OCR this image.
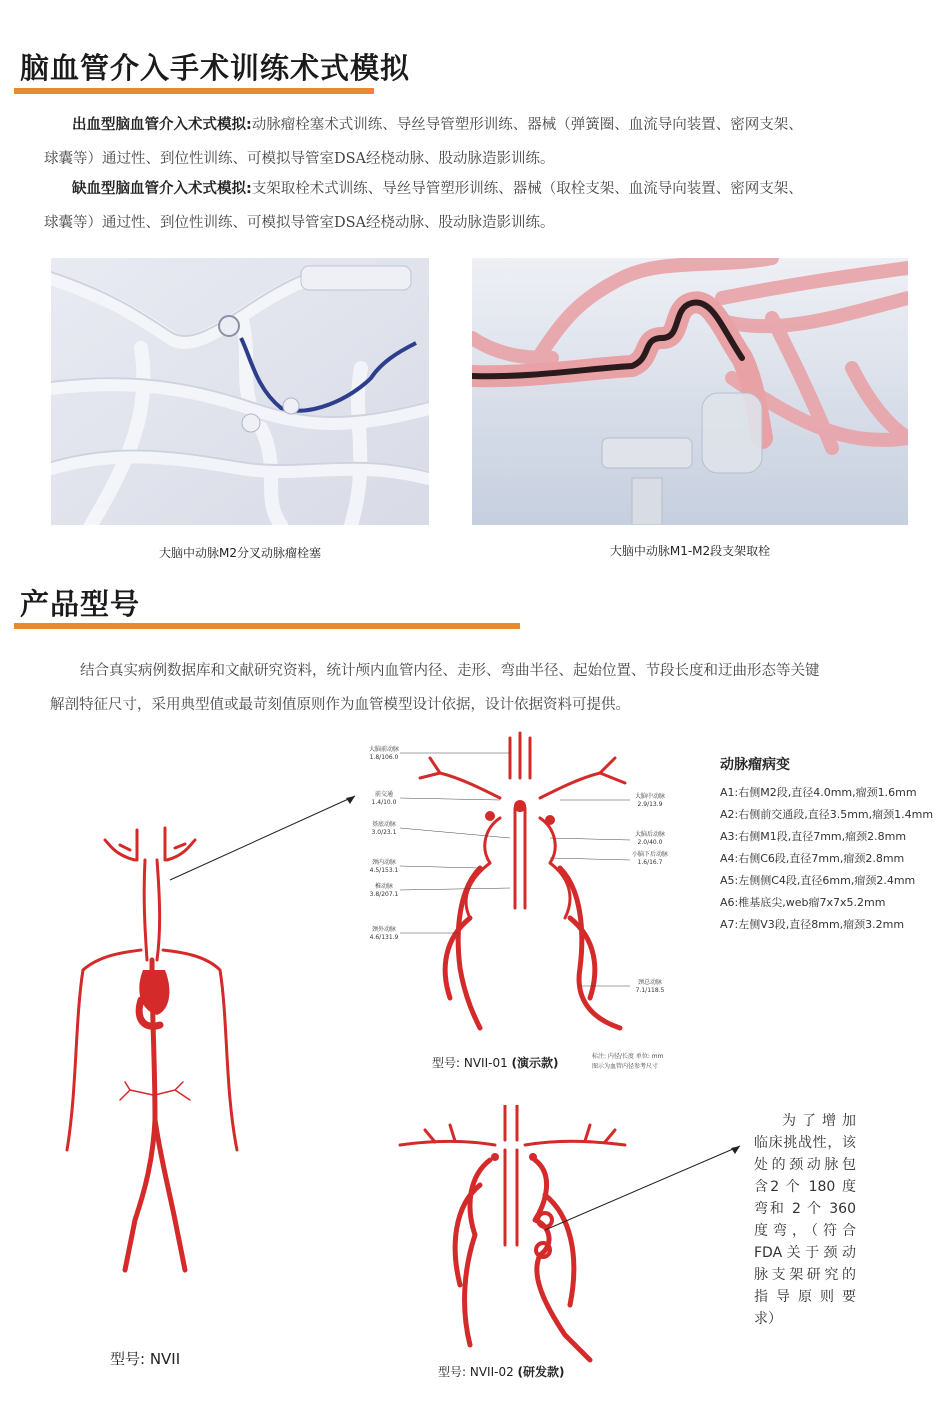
脑血管介入手术训练术式模拟
出血型脑血管介入术式模拟:动脉瘤栓塞术式训练、导丝导管塑形训练、器械（弹簧圈、血流导向装置、密网支架、
球囊等）通过性、到位性训练、可模拟导管室DSA经桡动脉、股动脉造影训练。
缺血型脑血管介入术式模拟:支架取栓术式训练、导丝导管塑形训练、器械（取栓支架、血流导向装置、密网支架、
球囊等）通过性、到位性训练、可模拟导管室DSA经桡动脉、股动脉造影训练。
大脑中动脉M2分叉动脉瘤栓塞	大脑中动脉M1-M2段支架取栓
产品型号
结合真实病例数据库和文献研究资料，统计颅内血管内径、走形、弯曲半径、起始位置、节段长度和迂曲形态等关键
解剖特征尺寸，采用典型值或最苛刻值原则作为血管模型设计依据，设计依据资料可提供。
型号: NVII
大脑前动脉
1.8/106.0
前交通
1.4/10.0
基底动脉
3.0/23.1
颈内动脉
4.5/153.1
椎动脉
3.8/207.1
颈外动脉
4.6/131.9
大脑中动脉
2.9/13.9
大脑后动脉
2.0/40.0
小脑下后动脉
1.6/16.7
颈总动脉
7.1/118.5
型号: NVII-01 (演示款)	标注: 内径/长度 单位: mm
图示为血管内径参考尺寸
动脉瘤病变
A1:右侧M2段,直径4.0mm,瘤颈1.6mm
A2:右侧前交通段,直径3.5mm,瘤颈1.4mm
A3:右侧M1段,直径7mm,瘤颈2.8mm
A4:右侧C6段,直径7mm,瘤颈2.8mm
A5:左侧侧C4段,直径6mm,瘤颈2.4mm
A6:椎基底尖,web瘤7x7x5.2mm
A7:左侧V3段,直径8mm,瘤颈3.2mm
型号: NVII-02 (研发款)
为了增加
临床挑战性，该
处的颈动脉包
含2 个 180 度
弯和 2 个 360
度弯，（符合
FDA关于颈动
脉支架研究的
指 导 原 则 要
求）
